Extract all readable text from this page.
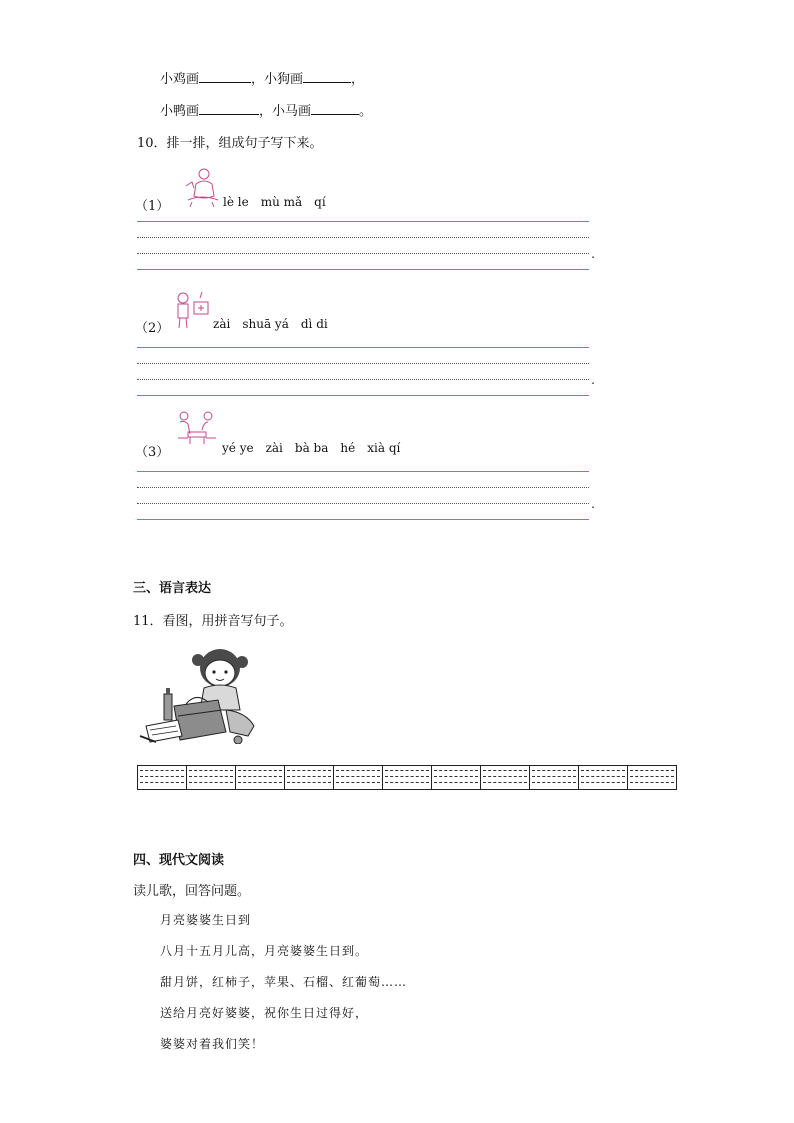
小鸡画	，小狗画	，
小鸭画	，小马画	。
10．排一排，组成句子写下来。
（1）	lè le mù mǎ qí
.
（2）	zài shuā yá dì di
.
（3）	yé ye zài bà ba hé xià qí
.
三、语言表达
11．看图，用拼音写句子。
四、现代文阅读
读儿歌，回答问题。
月亮婆婆生日到
八月十五月儿高，月亮婆婆生日到。
甜月饼，红柿子，苹果、石榴、红葡萄……
送给月亮好婆婆，祝你生日过得好，
婆婆对着我们笑！
